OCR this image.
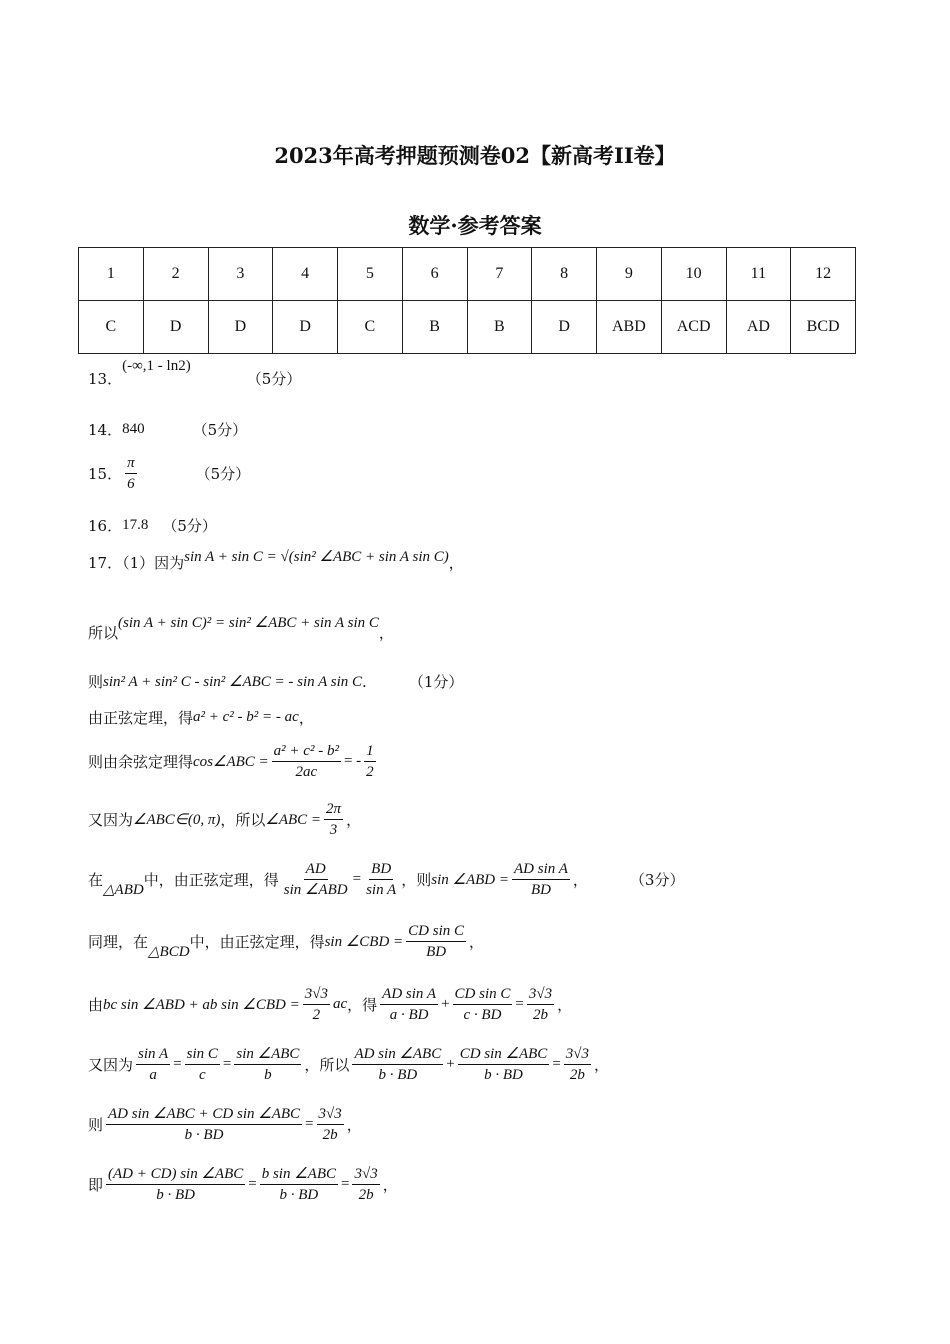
2023年高考押题预测卷02【新高考II卷】
数学·参考答案
1	2	3	4	5	6	7	8	9	10	11	12
C	D	D	D	C	B	B	D	ABD	ACD	AD	BCD
13．
(-∞,1 - ln2)
（5分）
14． 840	（5分）
15． $\frac{\pi}{6}$	（5分）
16． 17.8 （5分）
17．（1）因为 sin A + sin C = √(sin² ∠ABC + sin A sin C) ，
所以
(sin A + sin C)² = sin² ∠ABC + sin A sin C
，
则 sin² A + sin² C - sin² ∠ABC = - sin A sin C .	（1分）
由正弦定理，得 a² + c² - b² = - ac ，
则由余弦定理得 cos∠ABC = $\frac{\text{a² + c² - b²}}{2ac}$ = - $\frac{1}{2}$
又因为 ∠ABC∈(0, π) ，所以 ∠ABC = $\frac{2\pi}{3}$ ，
在
△ABD
中，由正弦定理，得 $\frac{AD}{\text{sin ∠ABD}} = \frac{BD}{\text{sin A}}$ ，则 sin ∠ABD = $\frac{\text{AD sin A}}{BD}$ ，	（3分）
同理，在
△BCD
中，由正弦定理，得 sin ∠CBD = $\frac{\text{CD sin C}}{BD}$ ，
由 bc sin ∠ABD + ab sin ∠CBD = $\frac{3√3}{2}$ ac ，得 $\frac{\text{AD sin A}}{a \cdot BD} + \frac{\text{CD sin C}}{c \cdot BD} = \frac{3√3}{2b}$ ，
又因为 $\frac{\text{sin A}}{a} = \frac{\text{sin C}}{c} = \frac{\text{sin ∠ABC}}{b}$ ，所以 $\frac{\text{AD sin ∠ABC}}{b \cdot BD} + \frac{\text{CD sin ∠ABC}}{b \cdot BD} = \frac{3√3}{2b}$ ，
则 $\frac{\text{AD sin ∠ABC + CD sin ∠ABC}}{b \cdot BD} = \frac{3√3}{2b}$ ，
即 $\frac{\text{(AD + CD) sin ∠ABC}}{b \cdot BD} = \frac{\text{b sin ∠ABC}}{b \cdot BD} = \frac{3√3}{2b}$ ，
